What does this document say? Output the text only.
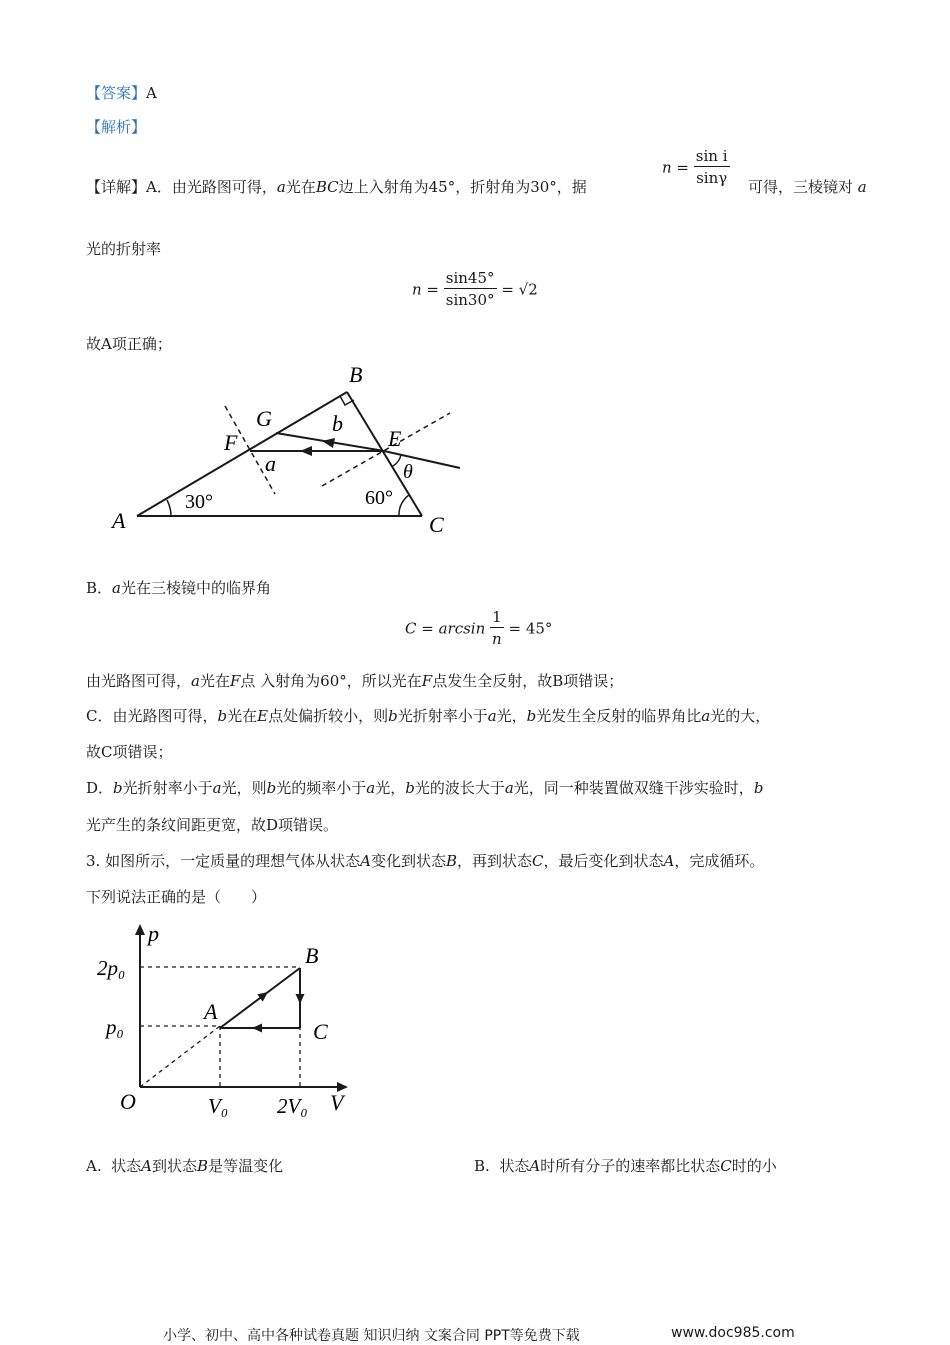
【答案】A
【解析】
【详解】A．由光路图可得，a光在BC边上入射角为45°，折射角为30°，据
$n = \frac{\text{sin i}}{\sin\gamma}$ 可得，三棱镜对 a
光的折射率
$n = \frac{\sin 45^\circ}{\sin 30^\circ} = √2$
故A项正确；
A
B
C
E
F
G
a
b
θ
30°	60°
B．a光在三棱镜中的临界角
$C = \arcsin \frac{1}{n} = 45^\circ$
由光路图可得，a光在F点 入射角为60°，所以光在F点发生全反射，故B项错误；
C．由光路图可得，b光在E点处偏折较小，则b光折射率小于a光，b光发生全反射的临界角比a光的大，
故C项错误；
D．b光折射率小于a光，则b光的频率小于a光，b光的波长大于a光，同一种装置做双缝干涉实验时，b
光产生的条纹间距更宽，故D项错误。
3. 如图所示，一定质量的理想气体从状态A变化到状态B，再到状态C，最后变化到状态A，完成循环。
下列说法正确的是（　　）
p
V
O
2p₀
p₀
V₀ 2V₀
A
B
C
A. 状态A到状态B是等温变化	B. 状态A时所有分子的速率都比状态C时的小
小学、初中、高中各种试卷真题 知识归纳 文案合同 PPT等免费下载	www.doc985.com
